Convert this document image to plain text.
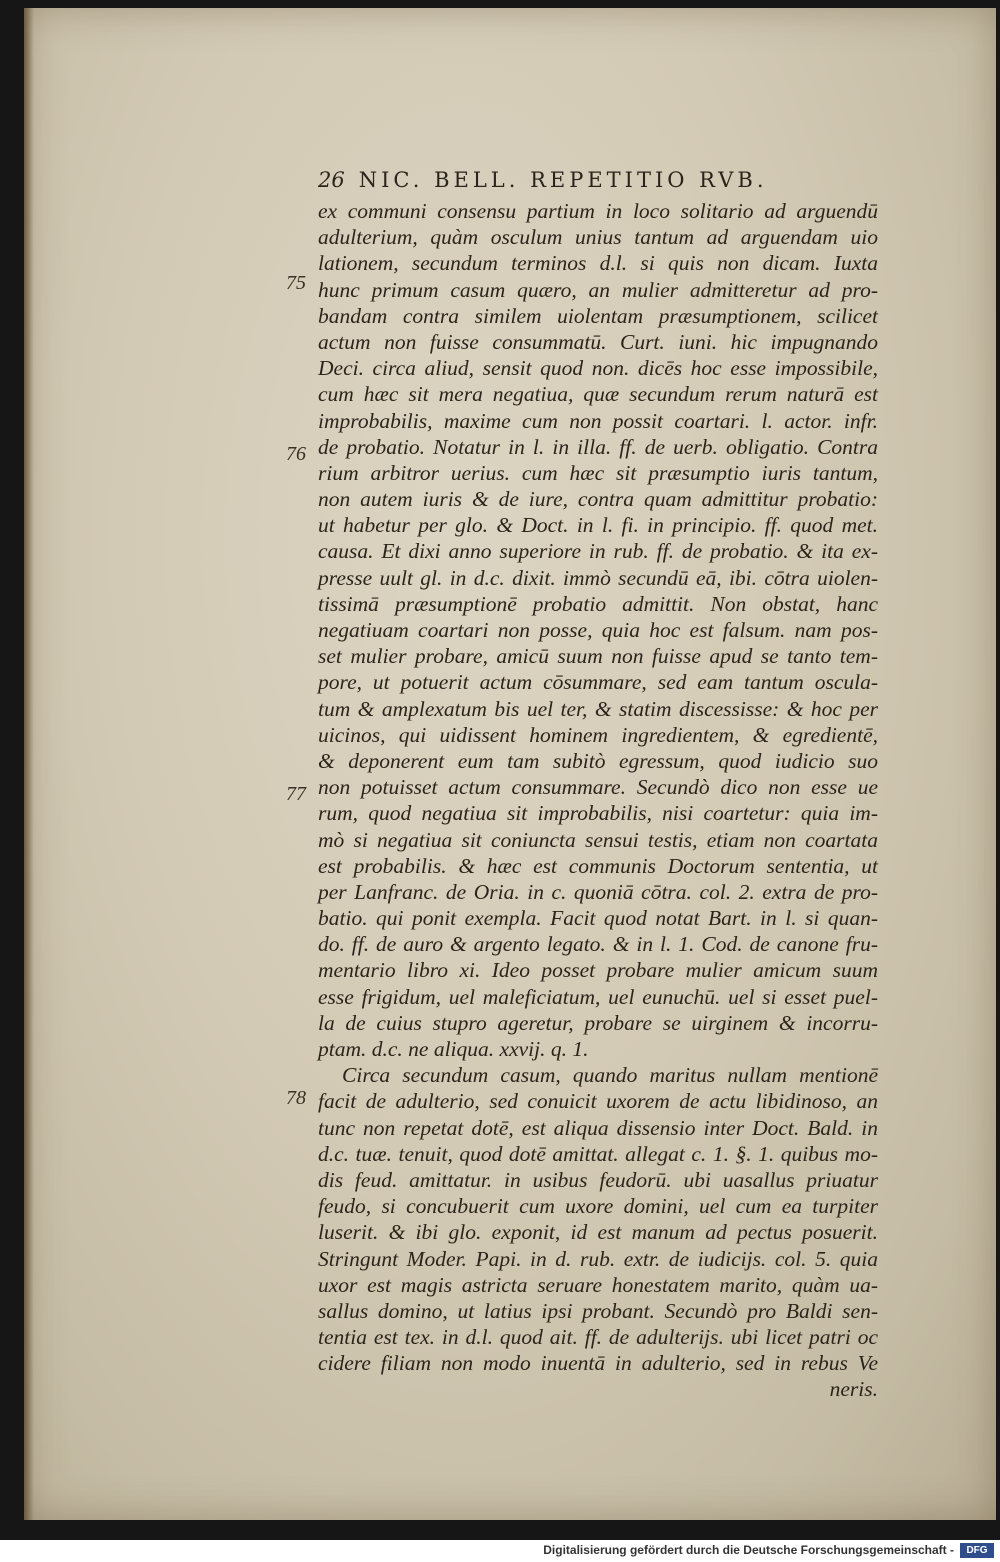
26 NIC. BELL. REPETITIO RVB.
75
76
77
78
ex communi consensu partium in loco solitario ad arguendū
adulterium, quàm osculum unius tantum ad arguendam uio
lationem, secundum terminos d.l. si quis non dicam. Iuxta
hunc primum casum quæro, an mulier admitteretur ad pro-
bandam contra similem uiolentam præsumptionem, scilicet
actum non fuisse consummatū. Curt. iuni. hic impugnando
Deci. circa aliud, sensit quod non. dicēs hoc esse impossibile,
cum hæc sit mera negatiua, quæ secundum rerum naturā est
improbabilis, maxime cum non possit coartari. l. actor. infr.
de probatio. Notatur in l. in illa. ff. de uerb. obligatio. Contra
rium arbitror uerius. cum hæc sit præsumptio iuris tantum,
non autem iuris & de iure, contra quam admittitur probatio:
ut habetur per glo. & Doct. in l. fi. in principio. ff. quod met.
causa. Et dixi anno superiore in rub. ff. de probatio. & ita ex-
presse uult gl. in d.c. dixit. immò secundū eā, ibi. cōtra uiolen-
tissimā præsumptionē probatio admittit. Non obstat, hanc
negatiuam coartari non posse, quia hoc est falsum. nam pos-
set mulier probare, amicū suum non fuisse apud se tanto tem-
pore, ut potuerit actum cōsummare, sed eam tantum oscula-
tum & amplexatum bis uel ter, & statim discessisse: & hoc per
uicinos, qui uidissent hominem ingredientem, & egredientē,
& deponerent eum tam subitò egressum, quod iudicio suo
non potuisset actum consummare. Secundò dico non esse ue
rum, quod negatiua sit improbabilis, nisi coartetur: quia im-
mò si negatiua sit coniuncta sensui testis, etiam non coartata
est probabilis. & hæc est communis Doctorum sententia, ut
per Lanfranc. de Oria. in c. quoniā cōtra. col. 2. extra de pro-
batio. qui ponit exempla. Facit quod notat Bart. in l. si quan-
do. ff. de auro & argento legato. & in l. 1. Cod. de canone fru-
mentario libro xi. Ideo posset probare mulier amicum suum
esse frigidum, uel maleficiatum, uel eunuchū. uel si esset puel-
la de cuius stupro ageretur, probare se uirginem & incorru-
ptam. d.c. ne aliqua. xxvij. q. 1.
Circa secundum casum, quando maritus nullam mentionē
facit de adulterio, sed conuicit uxorem de actu libidinoso, an
tunc non repetat dotē, est aliqua dissensio inter Doct. Bald. in
d.c. tuæ. tenuit, quod dotē amittat. allegat c. 1. §. 1. quibus mo-
dis feud. amittatur. in usibus feudorū. ubi uasallus priuatur
feudo, si concubuerit cum uxore domini, uel cum ea turpiter
luserit. & ibi glo. exponit, id est manum ad pectus posuerit.
Stringunt Moder. Papi. in d. rub. extr. de iudicijs. col. 5. quia
uxor est magis astricta seruare honestatem marito, quàm ua-
sallus domino, ut latius ipsi probant. Secundò pro Baldi sen-
tentia est tex. in d.l. quod ait. ff. de adulterijs. ubi licet patri oc
cidere filiam non modo inuentā in adulterio, sed in rebus Ve
neris.
Digitalisierung gefördert durch die Deutsche Forschungsgemeinschaft -	DFG
